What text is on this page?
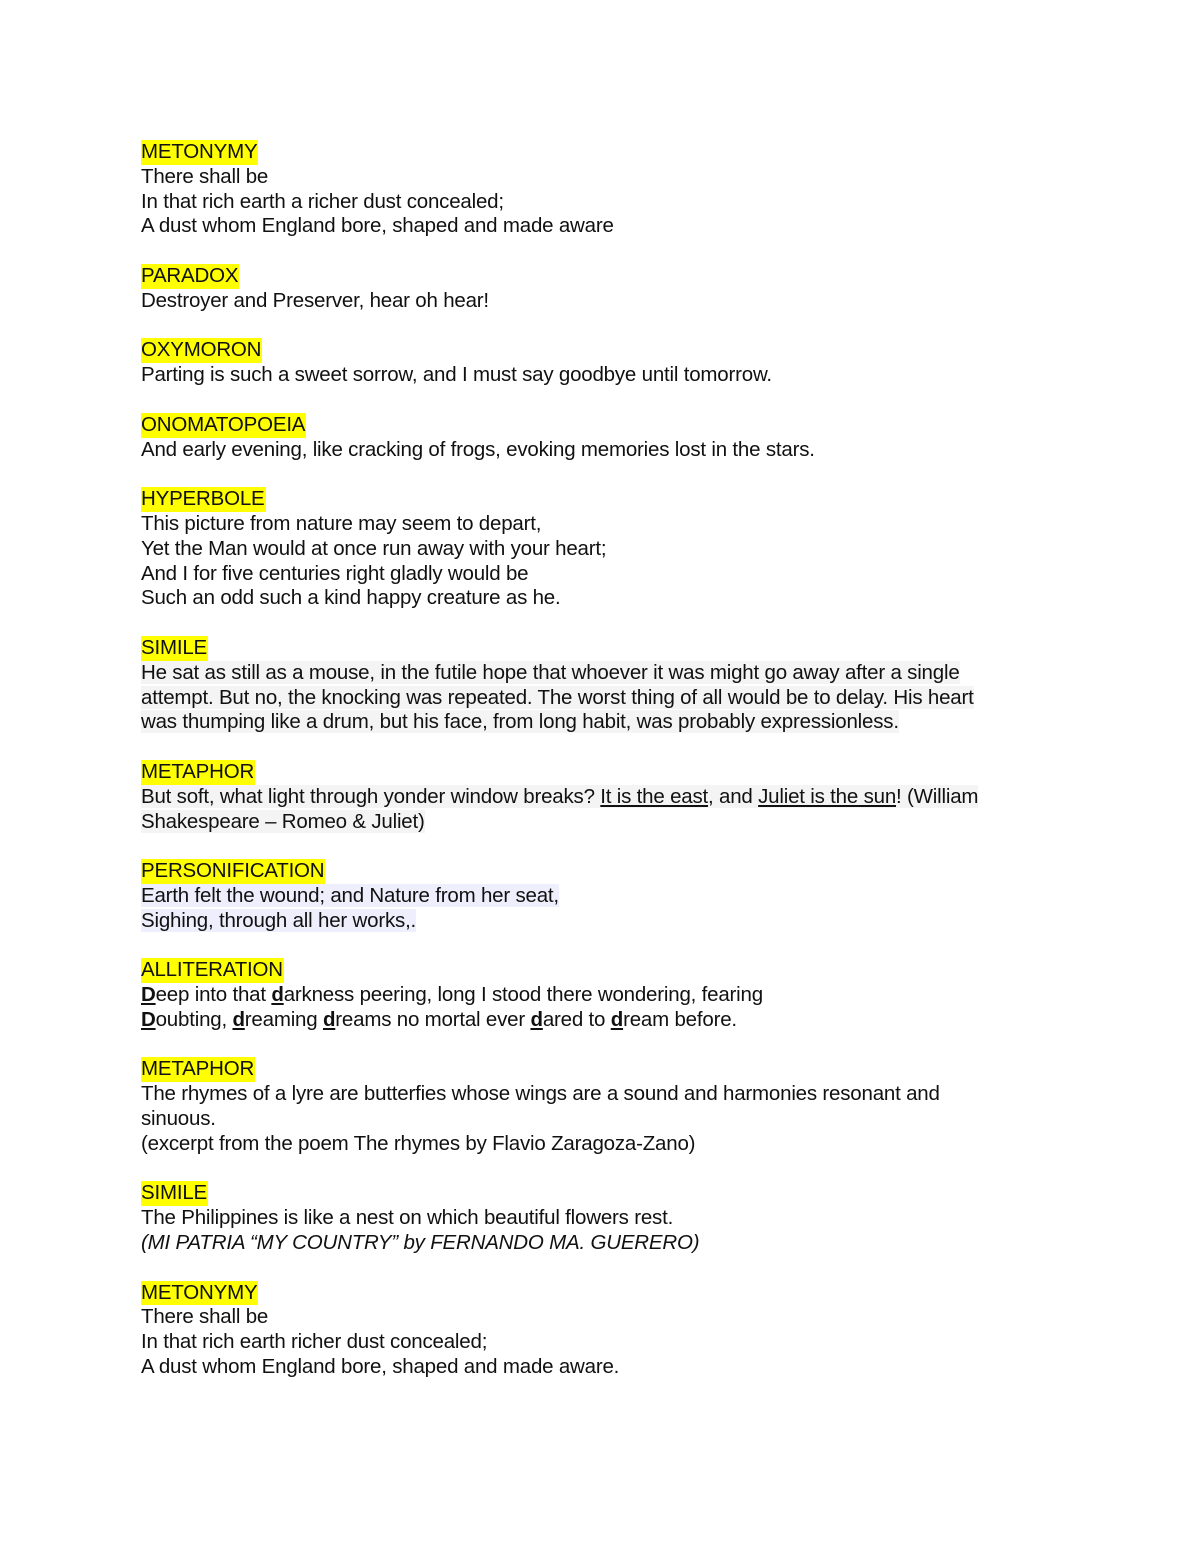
METONYMY
There shall be
In that rich earth a richer dust concealed;
A dust whom England bore, shaped and made aware
PARADOX
Destroyer and Preserver, hear oh hear!
OXYMORON
Parting is such a sweet sorrow, and I must say goodbye until tomorrow.
ONOMATOPOEIA
And early evening, like cracking of frogs, evoking memories lost in the stars.
HYPERBOLE
This picture from nature may seem to depart,
Yet the Man would at once run away with your heart;
And I for five centuries right gladly would be
Such an odd such a kind happy creature as he.
SIMILE
He sat as still as a mouse, in the futile hope that whoever it was might go away after a single
attempt. But no, the knocking was repeated. The worst thing of all would be to delay. His heart
was thumping like a drum, but his face, from long habit, was probably expressionless.
METAPHOR
But soft, what light through yonder window breaks? It is the east, and Juliet is the sun! (William
Shakespeare – Romeo & Juliet)
PERSONIFICATION
Earth felt the wound; and Nature from her seat,
Sighing, through all her works,.
ALLITERATION
Deep into that darkness peering, long I stood there wondering, fearing
Doubting, dreaming dreams no mortal ever dared to dream before.
METAPHOR
The rhymes of a lyre are butterfies whose wings are a sound and harmonies resonant and
sinuous.
(excerpt from the poem The rhymes by Flavio Zaragoza-Zano)
SIMILE
The Philippines is like a nest on which beautiful flowers rest.
(MI PATRIA “MY COUNTRY” by FERNANDO MA. GUERERO)
METONYMY
There shall be
In that rich earth richer dust concealed;
A dust whom England bore, shaped and made aware.
